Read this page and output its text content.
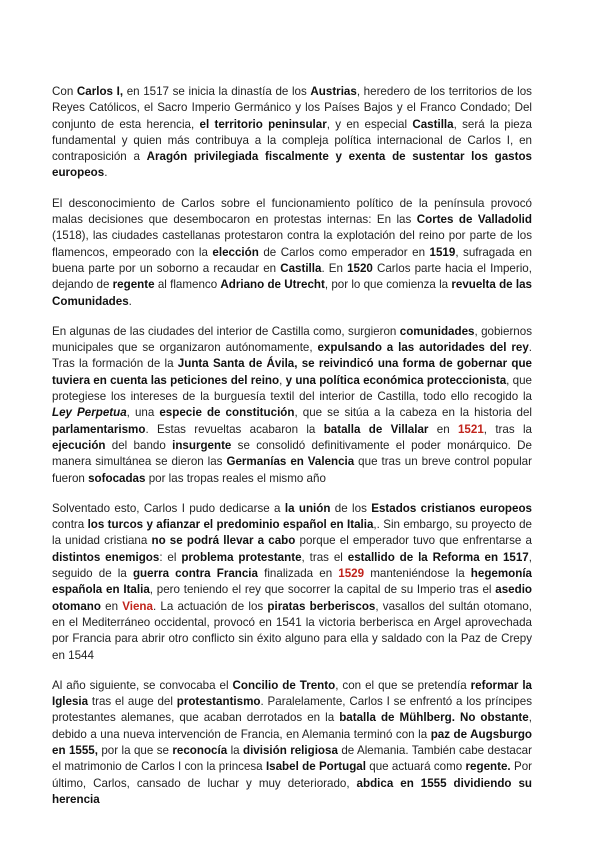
Con Carlos I, en 1517 se inicia la dinastía de los Austrias, heredero de los territorios de los Reyes Católicos, el Sacro Imperio Germánico y los Países Bajos y el Franco Condado; Del conjunto de esta herencia, el territorio peninsular, y en especial Castilla, será la pieza fundamental y quien más contribuya a la compleja política internacional de Carlos I, en contraposición a Aragón privilegiada fiscalmente y exenta de sustentar los gastos europeos.

El desconocimiento de Carlos sobre el funcionamiento político de la península provocó malas decisiones que desembocaron en protestas internas: En las Cortes de Valladolid (1518), las ciudades castellanas protestaron contra la explotación del reino por parte de los flamencos, empeorado con la elección de Carlos como emperador en 1519, sufragada en buena parte por un soborno a recaudar en Castilla. En 1520 Carlos parte hacia el Imperio, dejando de regente al flamenco Adriano de Utrecht, por lo que comienza la revuelta de las Comunidades.

En algunas de las ciudades del interior de Castilla como, surgieron comunidades, gobiernos municipales que se organizaron autónomamente, expulsando a las autoridades del rey. Tras la formación de la Junta Santa de Ávila, se reivindicó una forma de gobernar que tuviera en cuenta las peticiones del reino, y una política económica proteccionista, que protegiese los intereses de la burguesía textil del interior de Castilla, todo ello recogido la Ley Perpetua, una especie de constitución, que se sitúa a la cabeza en la historia del parlamentarismo. Estas revueltas acabaron la batalla de Villalar en 1521, tras la ejecución del bando insurgente se consolidó definitivamente el poder monárquico. De manera simultánea se dieron las Germanías en Valencia que tras un breve control popular fueron sofocadas por las tropas reales el mismo año

Solventado esto, Carlos I pudo dedicarse a la unión de los Estados cristianos europeos contra los turcos y afianzar el predominio español en Italia,. Sin embargo, su proyecto de la unidad cristiana no se podrá llevar a cabo porque el emperador tuvo que enfrentarse a distintos enemigos: el problema protestante, tras el estallido de la Reforma en 1517, seguido de la guerra contra Francia finalizada en 1529 manteniéndose la hegemonía española en Italia, pero teniendo el rey que socorrer la capital de su Imperio tras el asedio otomano en Viena. La actuación de los piratas berberiscos, vasallos del sultán otomano, en el Mediterráneo occidental, provocó en 1541 la victoria berberisca en Argel aprovechada por Francia para abrir otro conflicto sin éxito alguno para ella y saldado con la Paz de Crepy en 1544

Al año siguiente, se convocaba el Concilio de Trento, con el que se pretendía reformar la Iglesia tras el auge del protestantismo. Paralelamente, Carlos I se enfrentó a los príncipes protestantes alemanes, que acaban derrotados en la batalla de Mühlberg. No obstante, debido a una nueva intervención de Francia, en Alemania terminó con la paz de Augsburgo en 1555, por la que se reconocía la división religiosa de Alemania. También cabe destacar el matrimonio de Carlos I con la princesa Isabel de Portugal que actuará como regente. Por último, Carlos, cansado de luchar y muy deteriorado, abdica en 1555 dividiendo su herencia
